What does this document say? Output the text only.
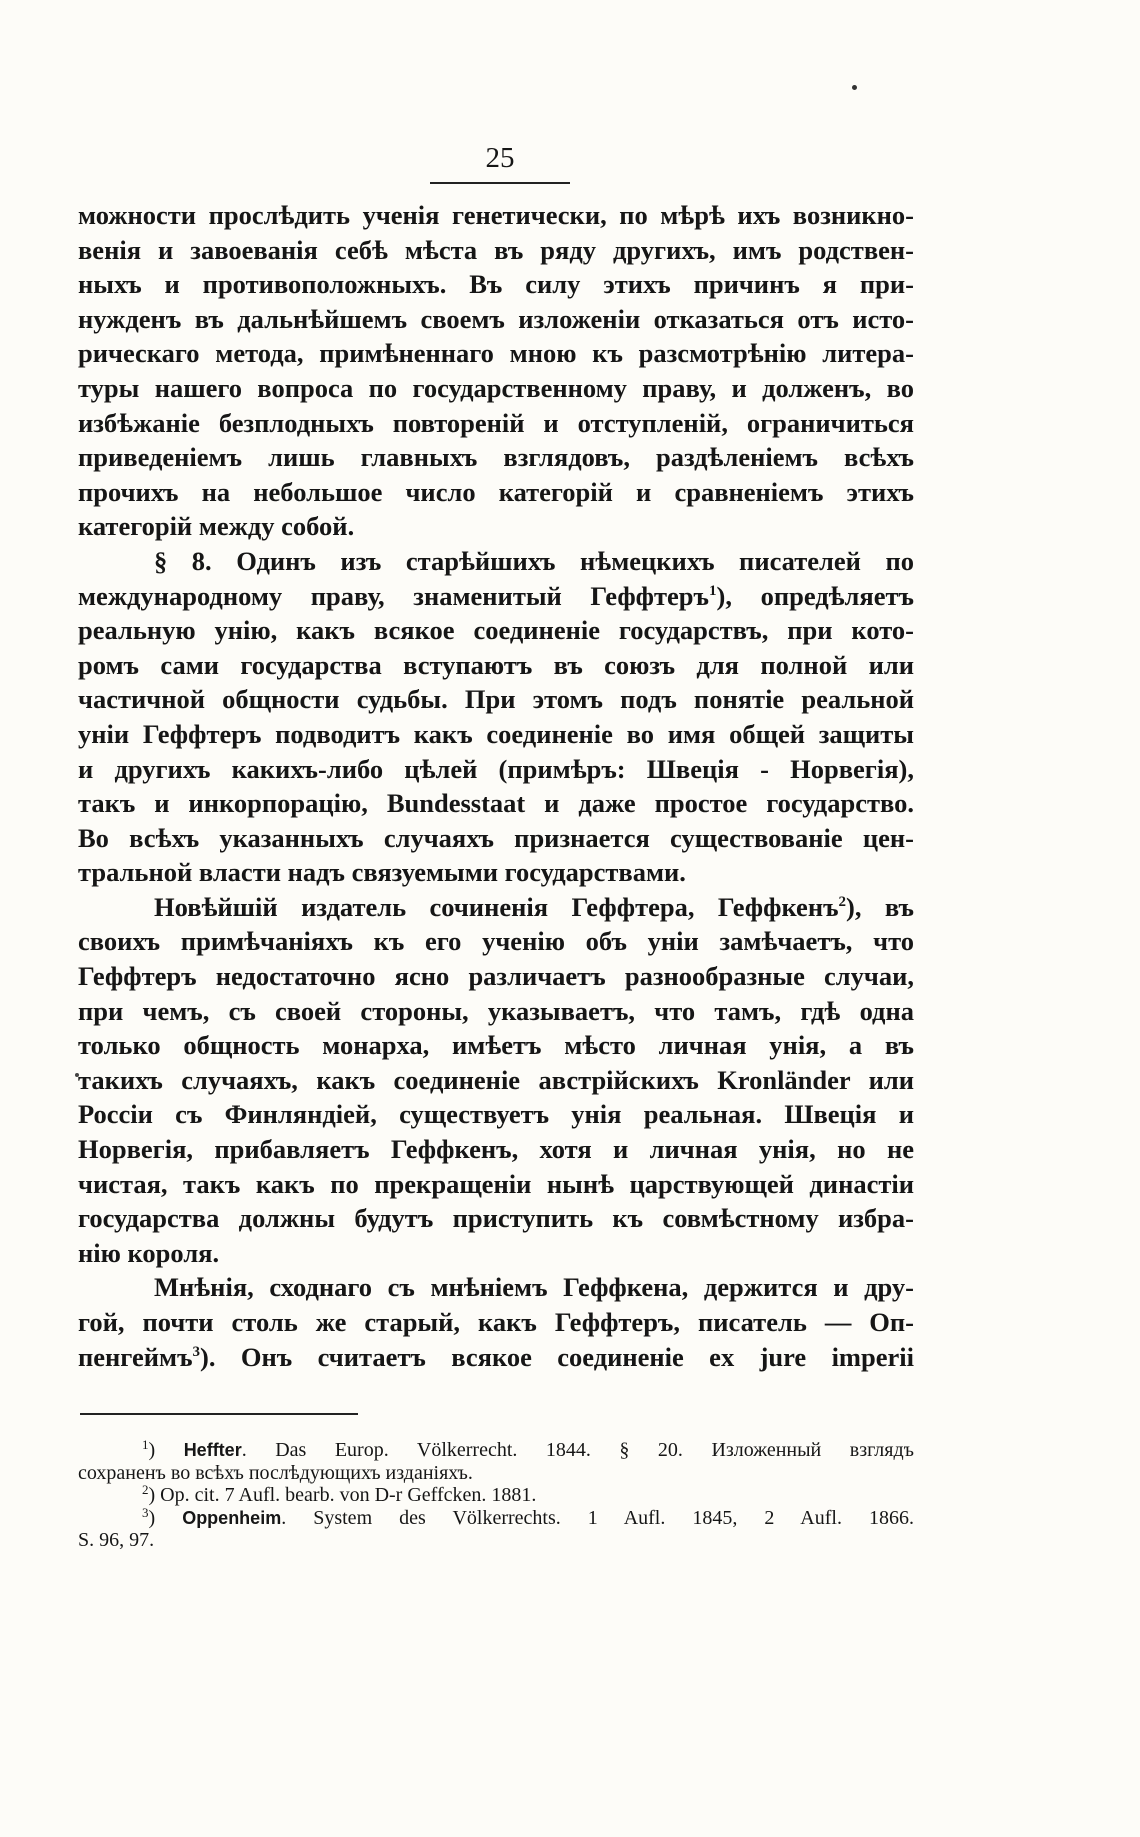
25
можности прослѣдить ученія генетически, по мѣрѣ ихъ возникно-
венія и завоеванія себѣ мѣста въ ряду другихъ, имъ родствен-
ныхъ и противоположныхъ. Въ силу этихъ причинъ я при-
нужденъ въ дальнѣйшемъ своемъ изложеніи отказаться отъ исто-
рическаго метода, примѣненнаго мною къ разсмотрѣнію литера-
туры нашего вопроса по государственному праву, и долженъ, во
избѣжаніе безплодныхъ повтореній и отступленій, ограничиться
приведеніемъ лишь главныхъ взглядовъ, раздѣленіемъ всѣхъ
прочихъ на небольшое число категорій и сравненіемъ этихъ
категорій между собой.
§ 8. Одинъ изъ старѣйшихъ нѣмецкихъ писателей по
международному праву, знаменитый Геффтеръ$^1$), опредѣляетъ
реальную унію, какъ всякое соединеніе государствъ, при кото-
ромъ сами государства вступаютъ въ союзъ для полной или
частичной общности судьбы. При этомъ подъ понятіе реальной
уніи Геффтеръ подводитъ какъ соединеніе во имя общей защиты
и другихъ какихъ-либо цѣлей (примѣръ: Швеція - Норвегія),
такъ и инкорпорацію, Bundesstaat и даже простое государство.
Во всѣхъ указанныхъ случаяхъ признается существованіе цен-
тральной власти надъ связуемыми государствами.
Новѣйшій издатель сочиненія Геффтера, Геффкенъ$^2$), въ
своихъ примѣчаніяхъ къ его ученію объ уніи замѣчаетъ, что
Геффтеръ недостаточно ясно различаетъ разнообразные случаи,
при чемъ, съ своей стороны, указываетъ, что тамъ, гдѣ одна
только общность монарха, имѣетъ мѣсто личная унія, а въ
такихъ случаяхъ, какъ соединеніе австрійскихъ Kronländer или
Россіи съ Финляндіей, существуетъ унія реальная. Швеція и
Норвегія, прибавляетъ Геффкенъ, хотя и личная унія, но не
чистая, такъ какъ по прекращеніи нынѣ царствующей династіи
государства должны будутъ приступить къ совмѣстному избра-
нію короля.
Мнѣнія, сходнаго съ мнѣніемъ Геффкена, держится и дру-
гой, почти столь же старый, какъ Геффтеръ, писатель — Оп-
пенгеймъ$^3$). Онъ считаетъ всякое соединеніе ex jure imperii
$^1$) Heffter. Das Europ. Völkerrecht. 1844. § 20. Изложенный взглядъ
сохраненъ во всѣхъ послѣдующихъ изданіяхъ.
$^2$) Op. cit. 7 Aufl. bearb. von D-r Geffcken. 1881.
$^3$) Oppenheim. System des Völkerrechts. 1 Aufl. 1845, 2 Aufl. 1866.
S. 96, 97.
